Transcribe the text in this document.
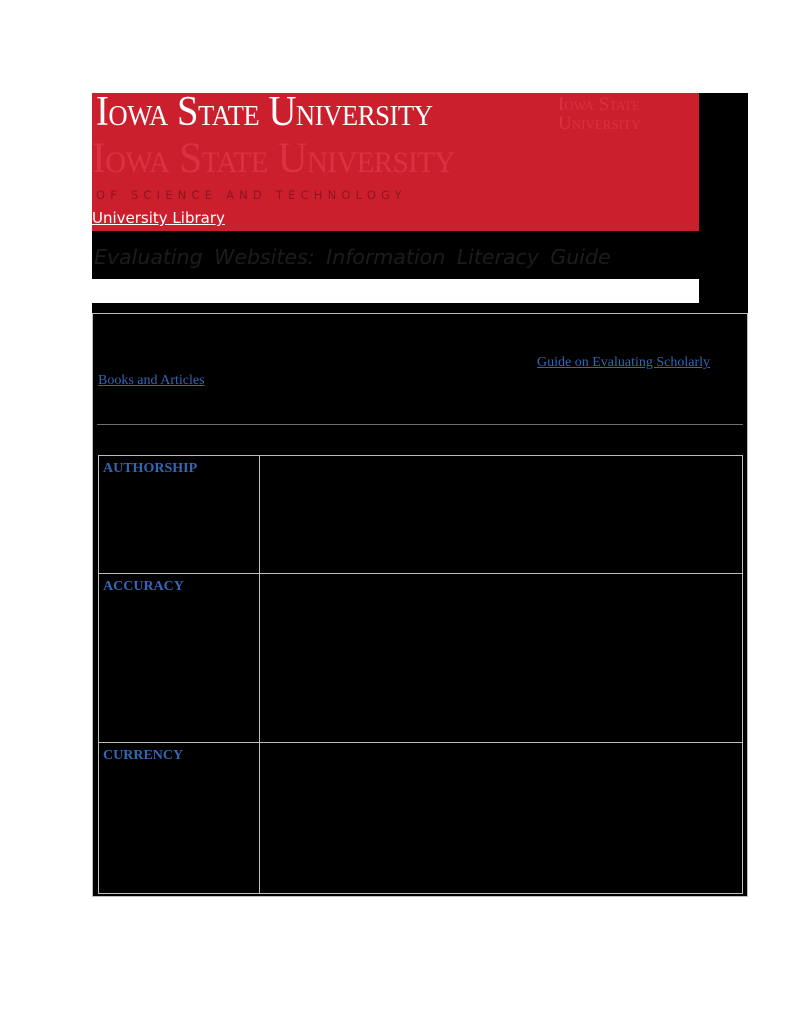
Iowa State University
Iowa State University
Iowa State
University
OF SCIENCE AND TECHNOLOGY
University Library
Evaluating Websites: Information Literacy Guide
Guide on Evaluating Scholarly
Books and Articles
AUTHORSHIP
ACCURACY
CURRENCY
